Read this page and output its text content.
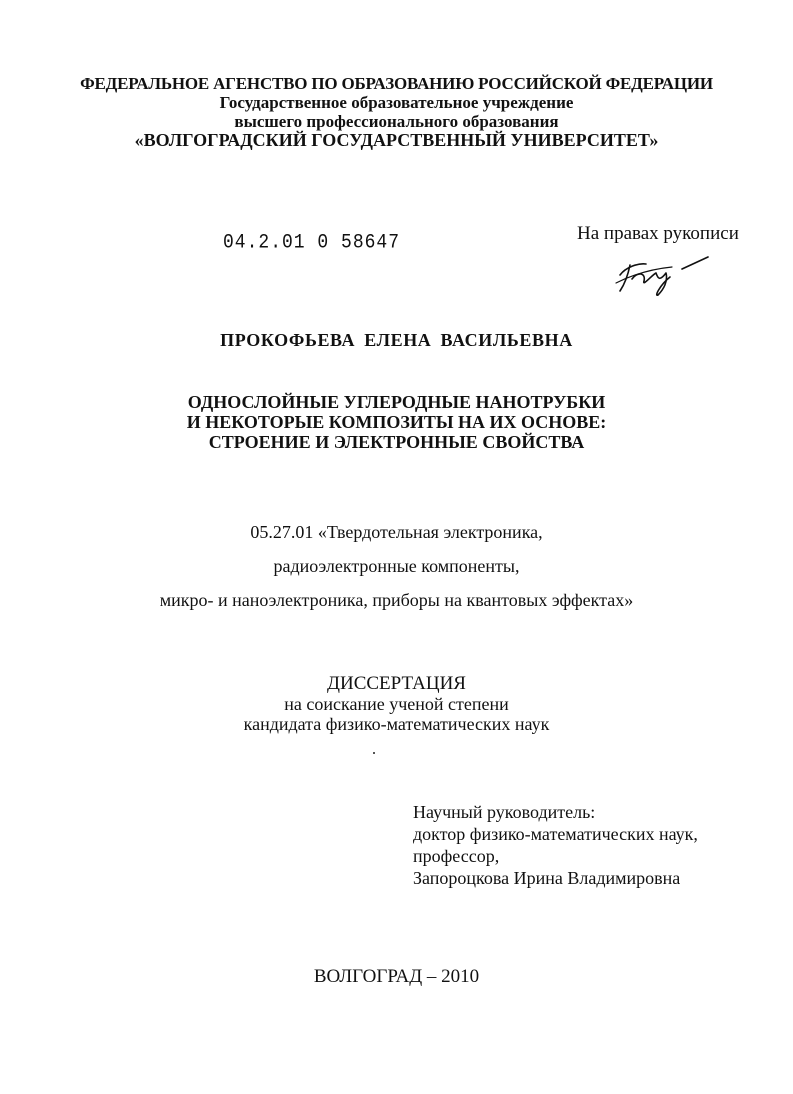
ФЕДЕРАЛЬНОЕ АГЕНСТВО ПО ОБРАЗОВАНИЮ РОССИЙСКОЙ ФЕДЕРАЦИИ
Государственное образовательное учреждение
высшего профессионального образования
«ВОЛГОГРАДСКИЙ ГОСУДАРСТВЕННЫЙ УНИВЕРСИТЕТ»
04.2.01 0 58647	На правах рукописи
ПРОКОФЬЕВА ЕЛЕНА ВАСИЛЬЕВНА
ОДНОСЛОЙНЫЕ УГЛЕРОДНЫЕ НАНОТРУБКИ
И НЕКОТОРЫЕ КОМПОЗИТЫ НА ИХ ОСНОВЕ:
СТРОЕНИЕ И ЭЛЕКТРОННЫЕ СВОЙСТВА
05.27.01 «Твердотельная электроника,
радиоэлектронные компоненты,
микро- и наноэлектроника, приборы на квантовых эффектах»
ДИССЕРТАЦИЯ
на соискание ученой степени
кандидата физико-математических наук
Научный руководитель:
доктор физико-математических наук,
профессор,
Запороцкова Ирина Владимировна
ВОЛГОГРАД – 2010
